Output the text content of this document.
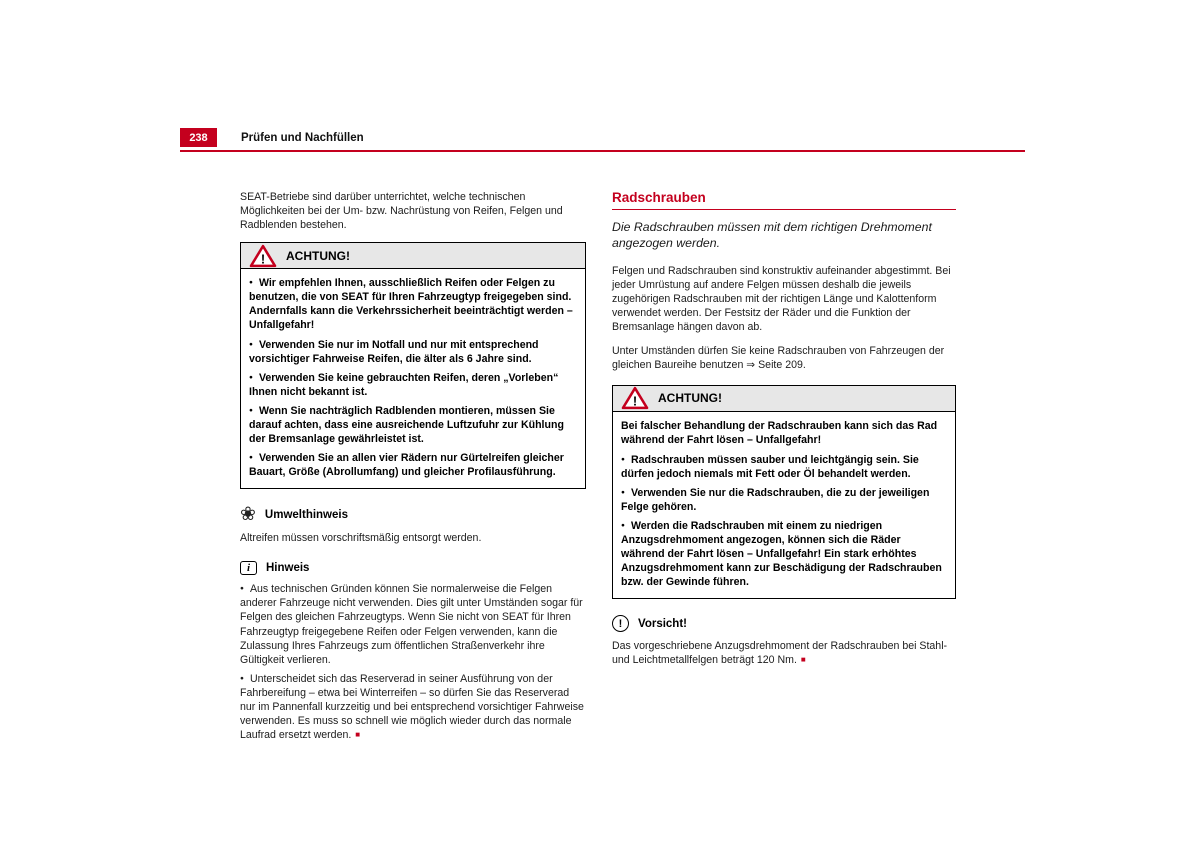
238	Prüfen und Nachfüllen

SEAT-Betriebe sind darüber unterrichtet, welche technischen Möglichkeiten bei der Um- bzw. Nachrüstung von Reifen, Felgen und Radblenden bestehen.

! ACHTUNG!

● Wir empfehlen Ihnen, ausschließlich Reifen oder Felgen zu benutzen, die von SEAT für Ihren Fahrzeugtyp freigegeben sind. Andernfalls kann die Verkehrssicherheit beeinträchtigt werden – Unfallgefahr!

● Verwenden Sie nur im Notfall und nur mit entsprechend vorsichtiger Fahrweise Reifen, die älter als 6 Jahre sind.

● Verwenden Sie keine gebrauchten Reifen, deren „Vorleben“ Ihnen nicht bekannt ist.

● Wenn Sie nachträglich Radblenden montieren, müssen Sie darauf achten, dass eine ausreichende Luftzufuhr zur Kühlung der Bremsanlage gewährleistet ist.

● Verwenden Sie an allen vier Rädern nur Gürtelreifen gleicher Bauart, Größe (Abrollumfang) und gleicher Profilausführung.

❀ Umwelthinweis

Altreifen müssen vorschriftsmäßig entsorgt werden.

i	Hinweis

● Aus technischen Gründen können Sie normalerweise die Felgen anderer Fahrzeuge nicht verwenden. Dies gilt unter Umständen sogar für Felgen des gleichen Fahrzeugtyps. Wenn Sie nicht von SEAT für Ihren Fahrzeugtyp freigegebene Reifen oder Felgen verwenden, kann die Zulassung Ihres Fahrzeugs zum öffentlichen Straßenverkehr ihre Gültigkeit verlieren.

● Unterscheidet sich das Reserverad in seiner Ausführung von der Fahrbereifung – etwa bei Winterreifen – so dürfen Sie das Reserverad nur im Pannenfall kurzzeitig und bei entsprechend vorsichtiger Fahrweise verwenden. Es muss so schnell wie möglich wieder durch das normale Laufrad ersetzt werden. ■

Radschrauben

Die Radschrauben müssen mit dem richtigen Drehmoment angezogen werden.

Felgen und Radschrauben sind konstruktiv aufeinander abgestimmt. Bei jeder Umrüstung auf andere Felgen müssen deshalb die jeweils zugehörigen Radschrauben mit der richtigen Länge und Kalottenform verwendet werden. Der Festsitz der Räder und die Funktion der Bremsanlage hängen davon ab.

Unter Umständen dürfen Sie keine Radschrauben von Fahrzeugen der gleichen Baureihe benutzen ⇒ Seite 209.

! ACHTUNG!

Bei falscher Behandlung der Radschrauben kann sich das Rad während der Fahrt lösen – Unfallgefahr!

● Radschrauben müssen sauber und leichtgängig sein. Sie dürfen jedoch niemals mit Fett oder Öl behandelt werden.

● Verwenden Sie nur die Radschrauben, die zu der jeweiligen Felge gehören.

● Werden die Radschrauben mit einem zu niedrigen Anzugsdrehmoment angezogen, können sich die Räder während der Fahrt lösen – Unfallgefahr! Ein stark erhöhtes Anzugsdrehmoment kann zur Beschädigung der Radschrauben bzw. der Gewinde führen.

!	Vorsicht!

Das vorgeschriebene Anzugsdrehmoment der Radschrauben bei Stahl- und Leichtmetallfelgen beträgt 120 Nm. ■
